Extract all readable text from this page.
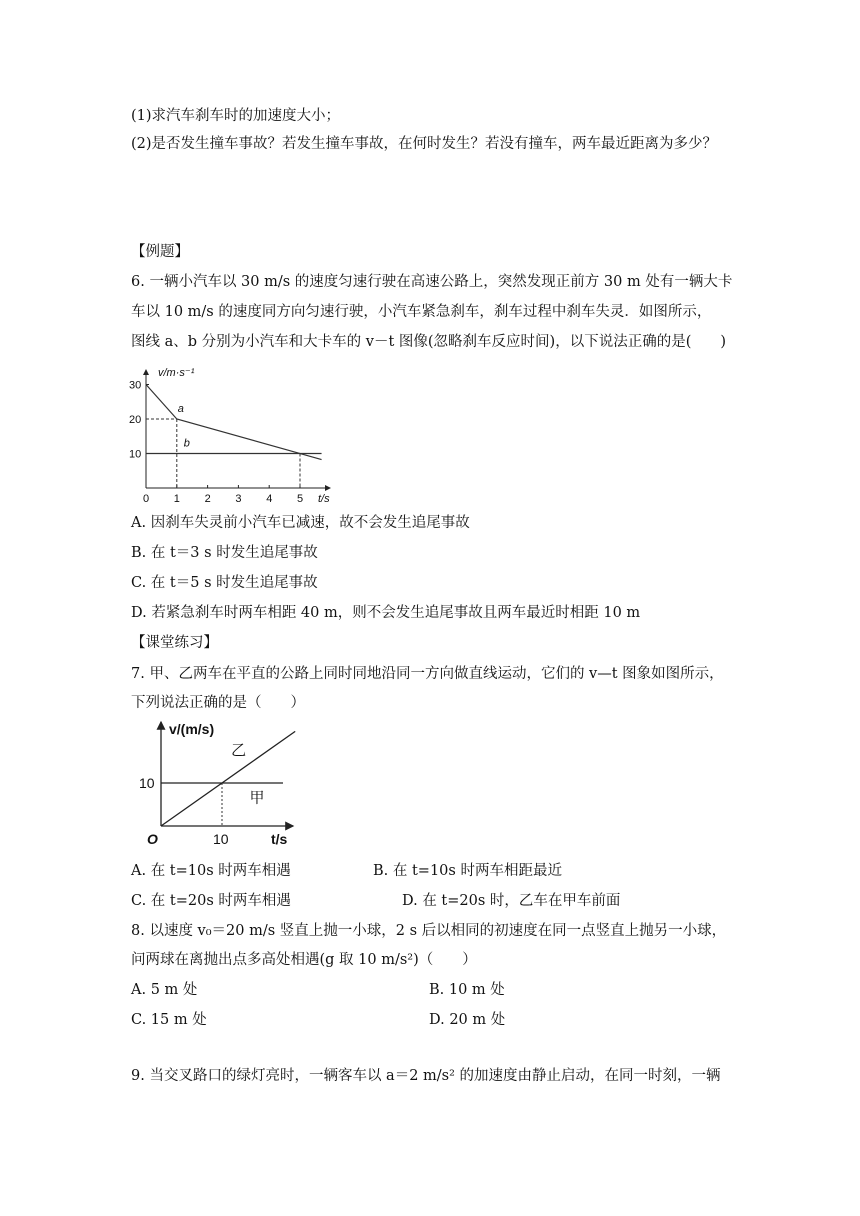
(1)求汽车刹车时的加速度大小；
(2)是否发生撞车事故？若发生撞车事故，在何时发生？若没有撞车，两车最近距离为多少？
【例题】
6. 一辆小汽车以 30 m/s 的速度匀速行驶在高速公路上，突然发现正前方 30 m 处有一辆大卡
车以 10 m/s 的速度同方向匀速行驶，小汽车紧急刹车，刹车过程中刹车失灵．如图所示，
图线 a、b 分别为小汽车和大卡车的 v－t 图像(忽略刹车反应时间)，以下说法正确的是(　　)
0 1 2 3 4 5
10
20
30
a
b
v/m·s⁻¹
t/s
A. 因刹车失灵前小汽车已减速，故不会发生追尾事故
B. 在 t＝3 s 时发生追尾事故
C. 在 t＝5 s 时发生追尾事故
D. 若紧急刹车时两车相距 40 m，则不会发生追尾事故且两车最近时相距 10 m
【课堂练习】
7. 甲、乙两车在平直的公路上同时同地沿同一方向做直线运动，它们的 v—t 图象如图所示，
下列说法正确的是（　　）
乙
甲
10
O	10
v/(m/s)
t/s
A. 在 t=10s 时两车相遇	B. 在 t=10s 时两车相距最近
C. 在 t=20s 时两车相遇	D. 在 t=20s 时，乙车在甲车前面
8. 以速度 v₀＝20 m/s 竖直上抛一小球，2 s 后以相同的初速度在同一点竖直上抛另一小球，
问两球在离抛出点多高处相遇(g 取 10 m/s²)（　　）
A. 5 m 处	B. 10 m 处
C. 15 m 处	D. 20 m 处
9. 当交叉路口的绿灯亮时，一辆客车以 a＝2 m/s² 的加速度由静止启动，在同一时刻，一辆
